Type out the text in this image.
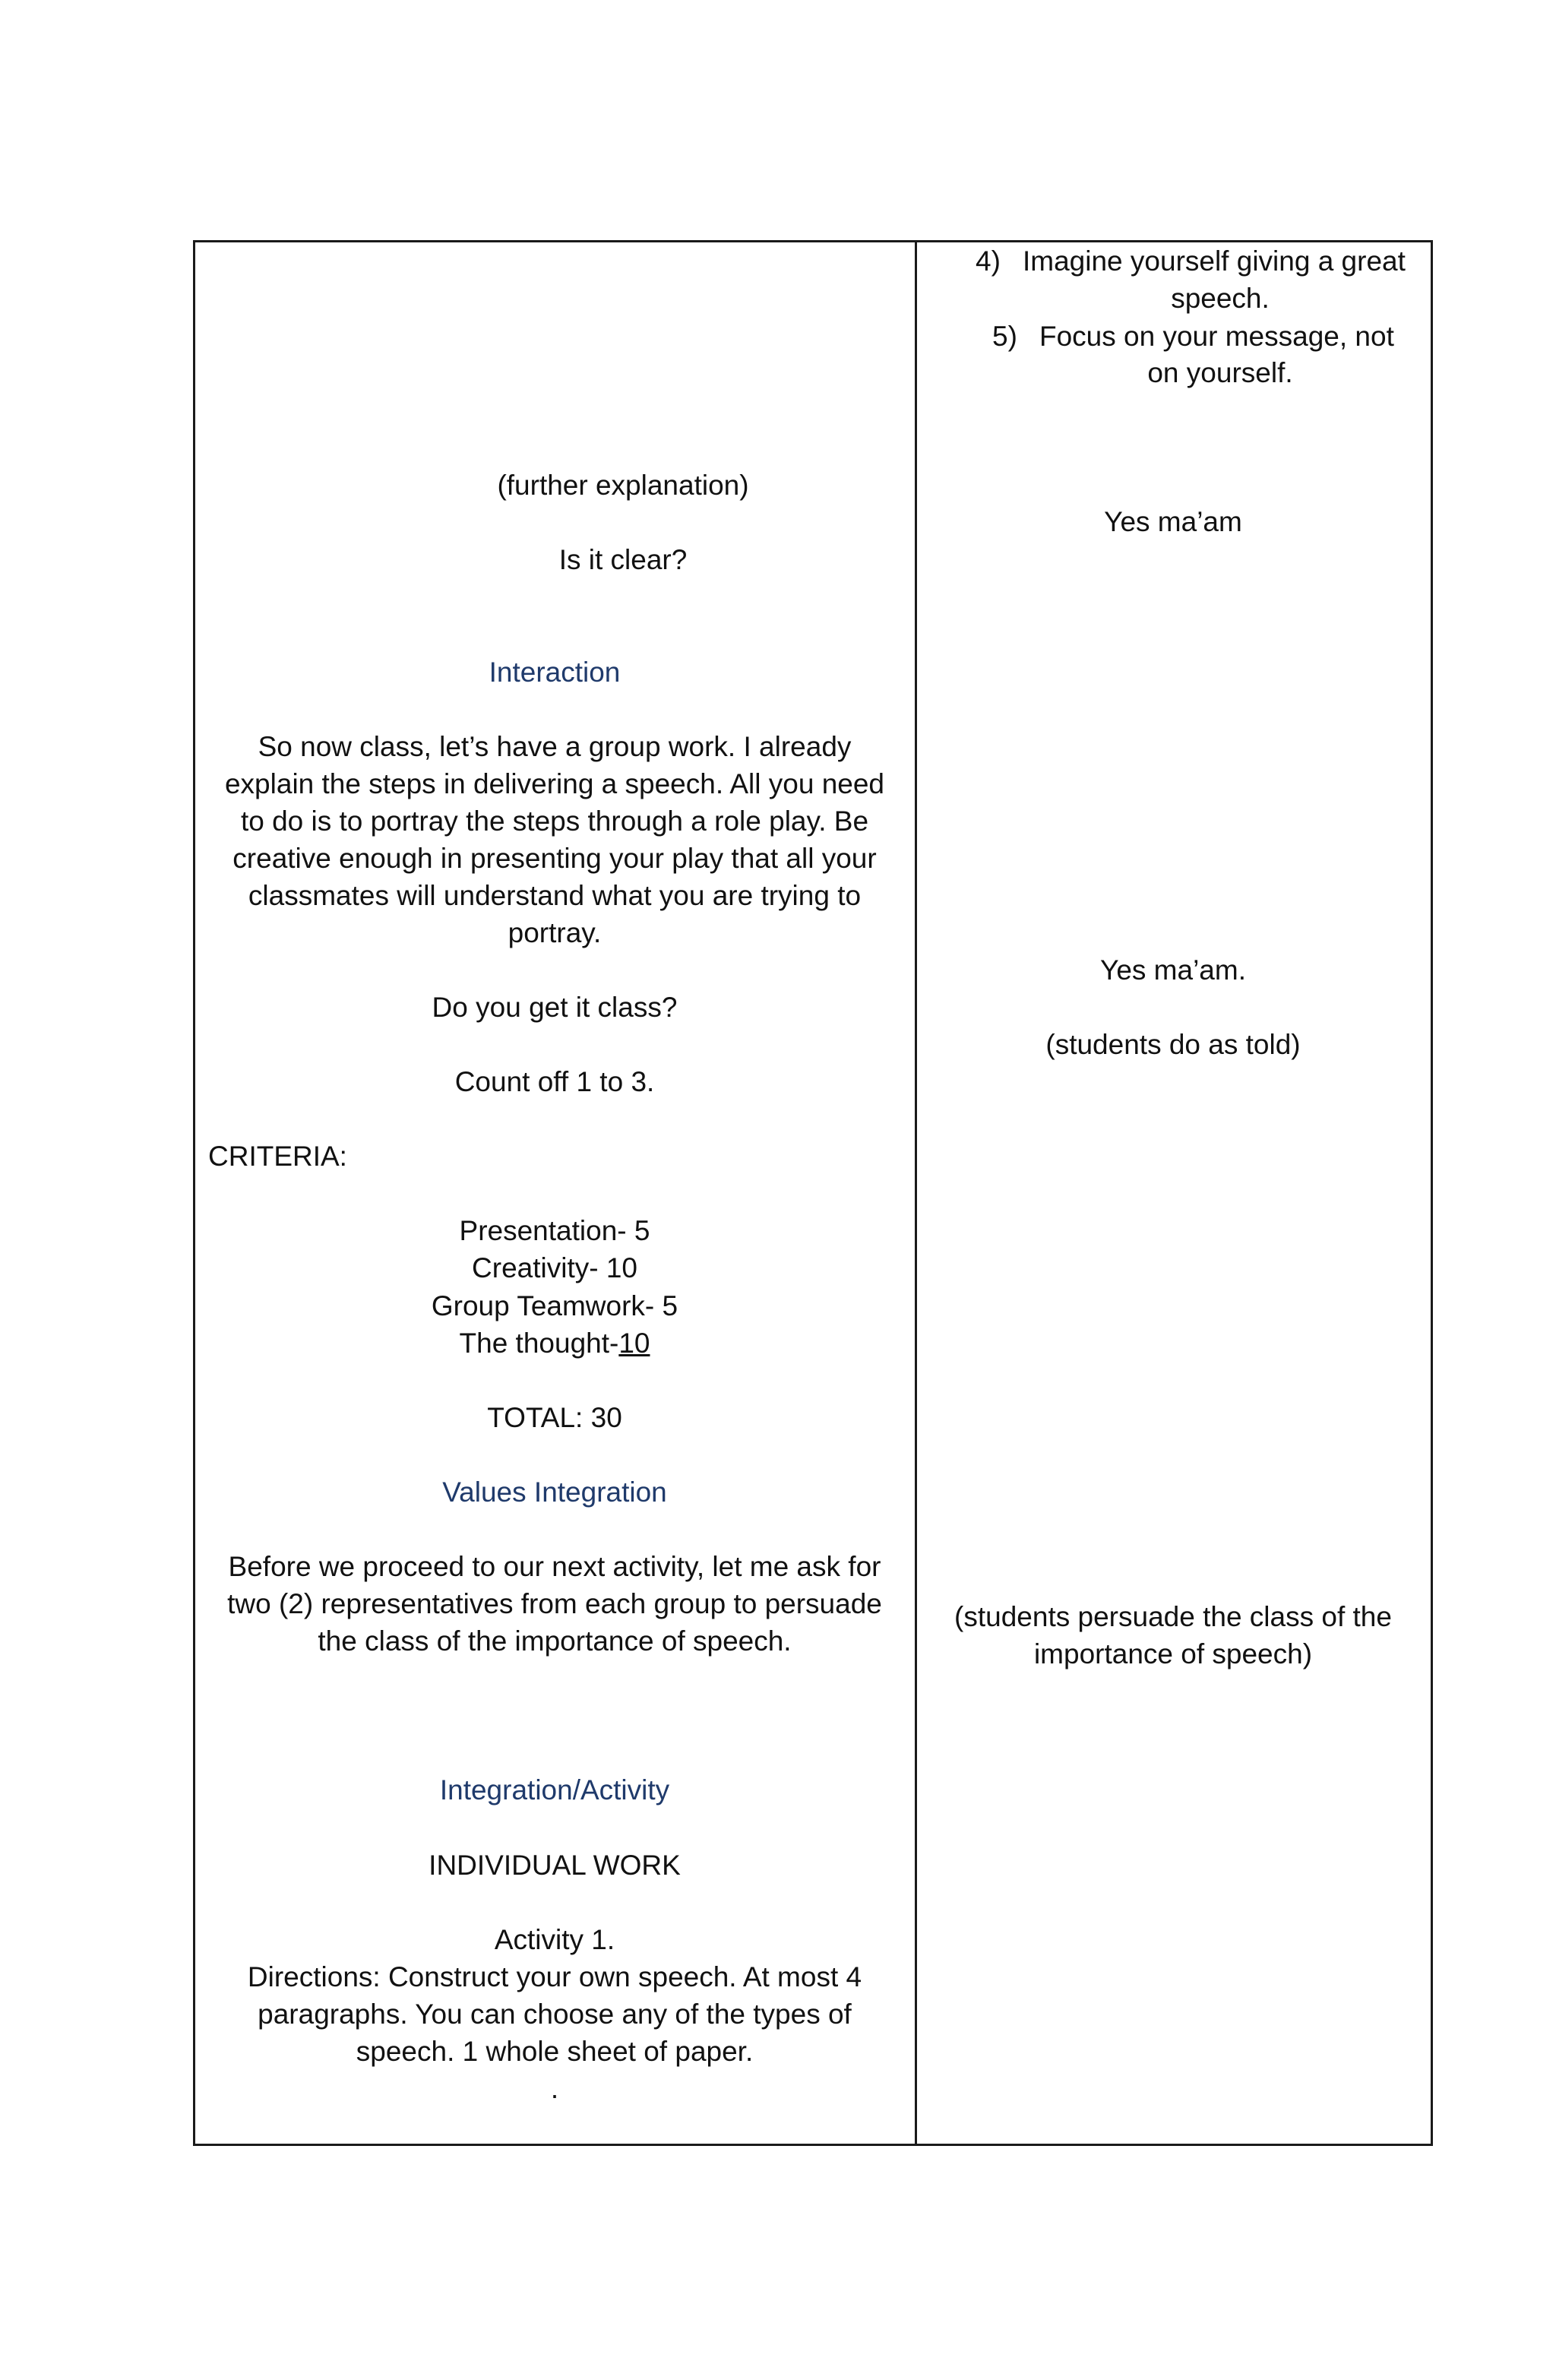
4) Imagine yourself giving a great
speech.
5) Focus on your message, not
on yourself.
Yes ma’am
Yes ma’am.
(students do as told)
(students persuade the class of the
importance of speech)
(further explanation)
Is it clear?
Interaction
So now class, let’s have a group work. I already
explain the steps in delivering a speech. All you need
to do is to portray the steps through a role play. Be
creative enough in presenting your play that all your
classmates will understand what you are trying to
portray.
Do you get it class?
Count off 1 to 3.
CRITERIA:
Presentation- 5
Creativity- 10
Group Teamwork- 5
The thought-10
TOTAL: 30
Values Integration
Before we proceed to our next activity, let me ask for
two (2) representatives from each group to persuade
the class of the importance of speech.
Integration/Activity
INDIVIDUAL WORK
Activity 1.
Directions: Construct your own speech. At most 4
paragraphs. You can choose any of the types of
speech. 1 whole sheet of paper.
.
